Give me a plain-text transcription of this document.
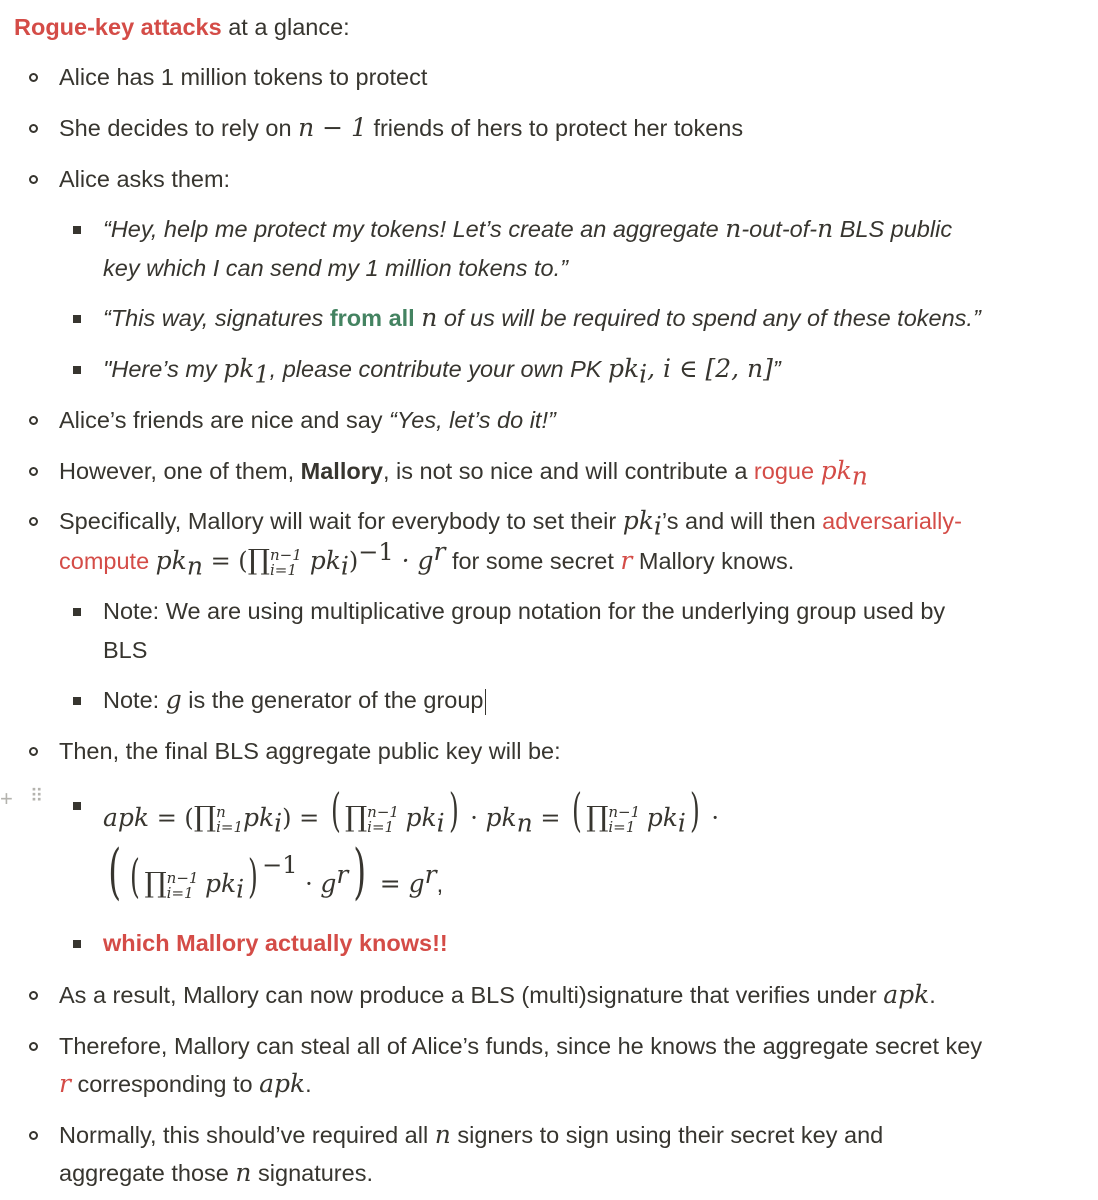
Rogue-key attacks at a glance:
Alice has 1 million tokens to protect
She decides to rely on n − 1 friends of hers to protect her tokens
Alice asks them:
“Hey, help me protect my tokens! Let’s create an aggregate n-out-of-n BLS public
key which I can send my 1 million tokens to.”
“This way, signatures from all n of us will be required to spend any of these tokens.”
"Here’s my $pk_1$, please contribute your own PK $pk_i$, i ∈ [2, n]”
Alice’s friends are nice and say “Yes, let’s do it!”
However, one of them, Mallory, is not so nice and will contribute a rogue $pk_n$
Specifically, Mallory will wait for everybody to set their $pk_i’s$ and will then adversarially-
compute $pk_n$ = (∏n−1
i=1 $pk_i)^{-1} \cdot g^r$ for some secret r Mallory knows.
Note: We are using multiplicative group notation for the underlying group used by
BLS
Note: g is the generator of the group
Then, the final BLS aggregate public key will be:
+ ⠿
apk = (∏n
$i=1pk_i$) = ( ∏n−1
i=1 $pk_i) \cdot pk_n$ = ( ∏n−1
i=1 $pk_i$) ·
( ( ∏n−1
i=1 $pk_i$) $^{-1} \cdot g^r) = g^r$,
which Mallory actually knows!!
As a result, Mallory can now produce a BLS (multi)signature that verifies under apk.
Therefore, Mallory can steal all of Alice’s funds, since he knows the aggregate secret key
r corresponding to apk.
Normally, this should’ve required all n signers to sign using their secret key and
aggregate those n signatures.
